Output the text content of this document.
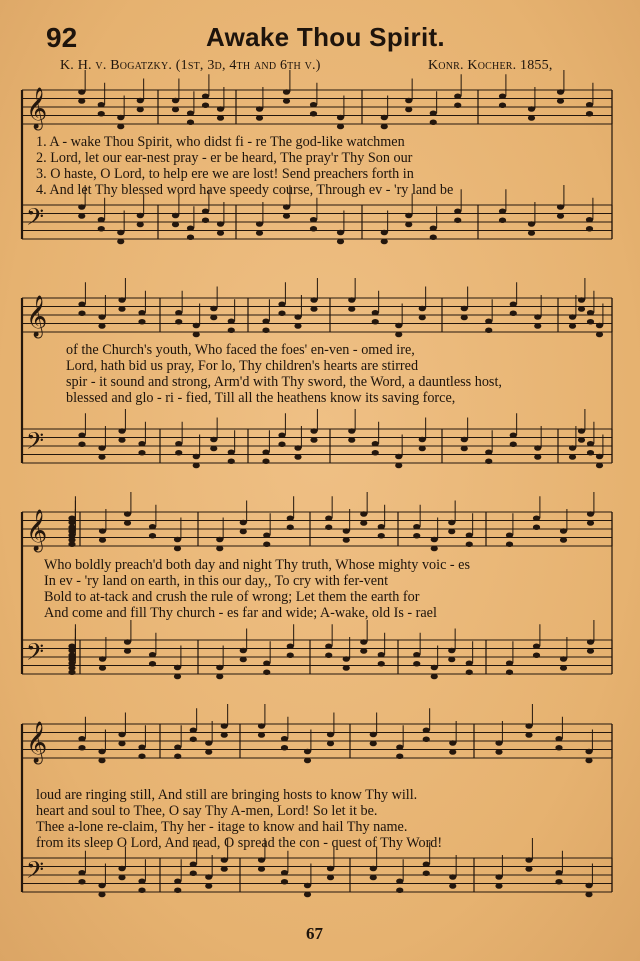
92	Awake Thou Spirit.
K. H. v. Bogatzky. (1st, 3d, 4th and 6th v.)	Konr. Kocher. 1855,
𝄞
𝄢
1. A - wake Thou Spirit, who didst fi - re The god-like watchmen
2. Lord, let our ear-nest pray - er be heard, The pray'r Thy Son our
3. O haste, O Lord, to help ere we are lost! Send preachers forth in
4. And let Thy blessed word have speedy course, Through ev - 'ry land be
𝄞
𝄢
of the Church's youth, Who faced the foes' en-ven - omed ire,
Lord, hath bid us pray, For lo, Thy children's hearts are stirred
spir - it sound and strong, Arm'd with Thy sword, the Word, a dauntless host,
blessed and glo - ri - fied, Till all the heathens know its saving force,
𝄞
𝄢
Who boldly preach'd both day and night Thy truth, Whose mighty voic - es
In ev - 'ry land on earth, in this our day,, To cry with fer-vent
Bold to at-tack and crush the rule of wrong; Let them the earth for
And come and fill Thy church - es far and wide; A-wake, old Is - rael
𝄞
𝄢
loud are ringing still, And still are bringing hosts to know Thy will.
heart and soul to Thee, O say Thy A-men, Lord! So let it be.
Thee a-lone re-claim, Thy her - itage to know and hail Thy name.
from its sleep O Lord, And read, O spread the con - quest of Thy Word!
67
